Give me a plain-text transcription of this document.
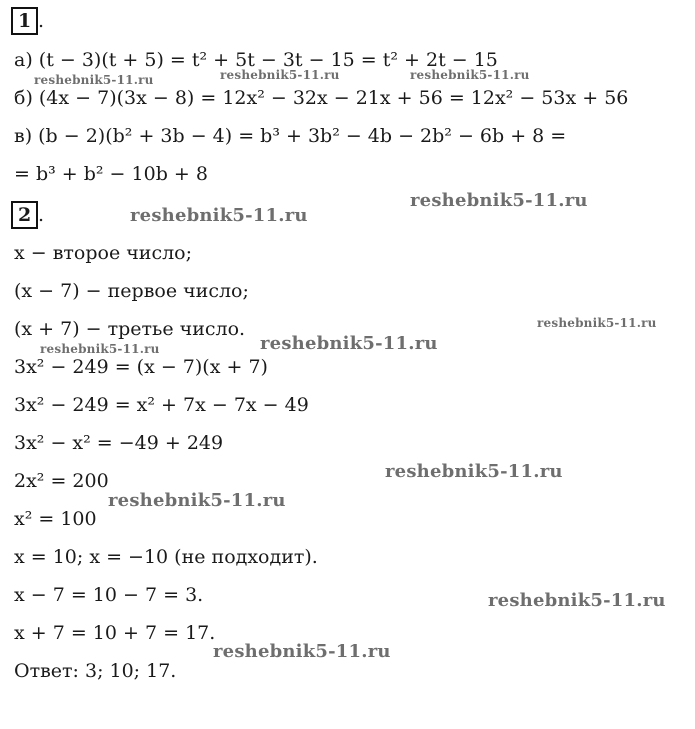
1 .
а) (t − 3)(t + 5) = t² + 5t − 3t − 15 = t² + 2t − 15
б) (4x − 7)(3x − 8) = 12x² − 32x − 21x + 56 = 12x² − 53x + 56
в) (b − 2)(b² + 3b − 4) = b³ + 3b² − 4b − 2b² − 6b + 8 =
= b³ + b² − 10b + 8
2 .
x − второе число;
(x − 7) − первое число;
(x + 7) − третье число.
3x² − 249 = (x − 7)(x + 7)
3x² − 249 = x² + 7x − 7x − 49
3x² − x² = −49 + 249
2x² = 200
x² = 100
x = 10; x = −10 (не подходит).
x − 7 = 10 − 7 = 3.
x + 7 = 10 + 7 = 17.
Ответ: 3; 10; 17.
reshebnik5-11.ru	reshebnik5-11.ru	reshebnik5-11.ru
reshebnik5-11.ru
reshebnik5-11.ru
reshebnik5-11.ru
reshebnik5-11.ru	reshebnik5-11.ru
reshebnik5-11.ru
reshebnik5-11.ru
reshebnik5-11.ru
reshebnik5-11.ru
